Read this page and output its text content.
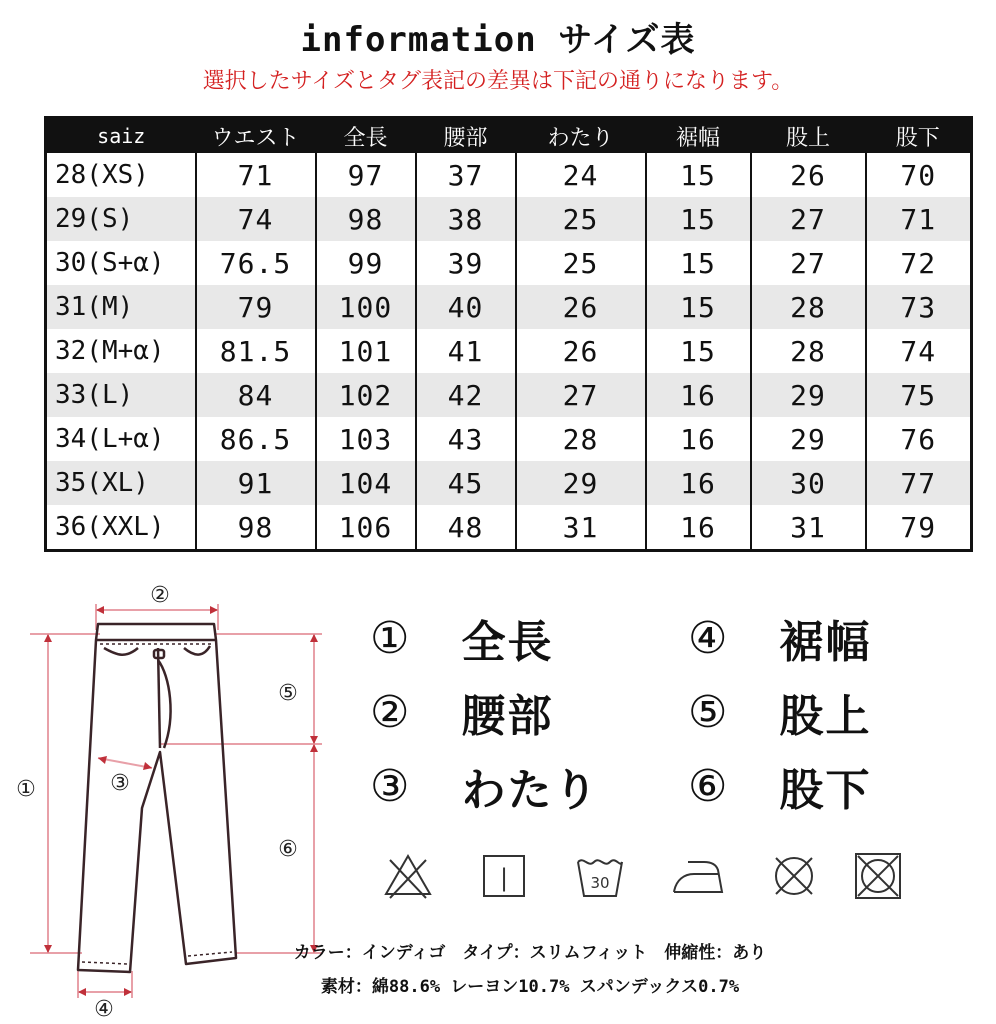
information サイズ表
選択したサイズとタグ表記の差異は下記の通りになります。
saiz	ウエスト	全長	腰部	わたり	裾幅	股上	股下
28(XS)	71	97	37	24	15	26	70
29(S)	74	98	38	25	15	27	71
30(S+α)	76.5	99	39	25	15	27	72
31(M)	79	100	40	26	15	28	73
32(M+α)	81.5	101	41	26	15	28	74
33(L)	84	102	42	27	16	29	75
34(L+α)	86.5	103	43	28	16	29	76
35(XL)	91	104	45	29	16	30	77
36(XXL)	98	106	48	31	16	31	79
②
①	③
④
⑤
⑥
① 全長	④ 裾幅
② 腰部	⑤ 股上
③ わたり ⑥ 股下
|	30
カラー：インディゴ　タイプ：スリムフィット　伸縮性：あり
素材：綿88.6% レーヨン10.7% スパンデックス0.7%
